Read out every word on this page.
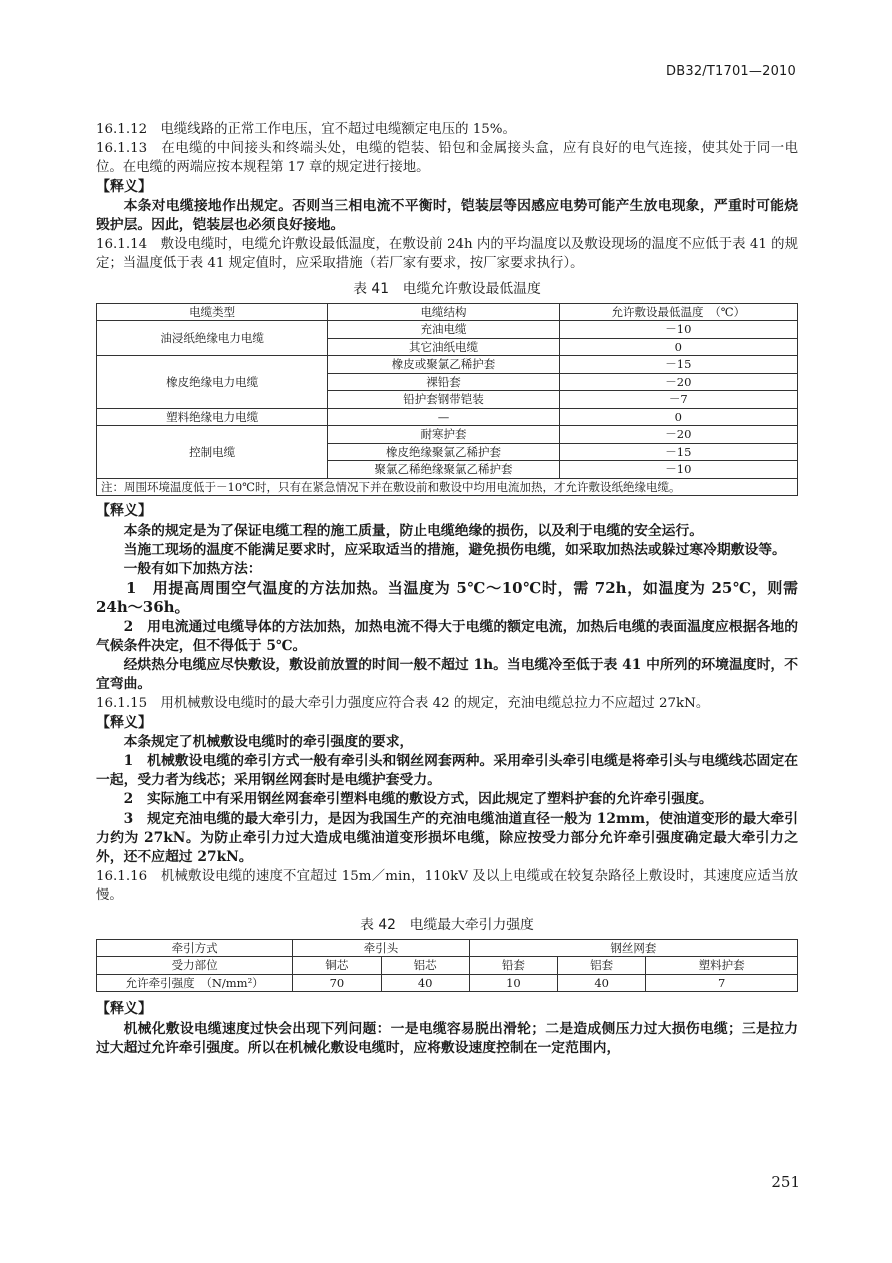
DB32/T1701—2010

16.1.12　电缆线路的正常工作电压，宜不超过电缆额定电压的 15%。

16.1.13　在电缆的中间接头和终端头处，电缆的铠装、铅包和金属接头盒，应有良好的电气连接，使其处于同一电位。在电缆的两端应按本规程第 17 章的规定进行接地。

【释义】

本条对电缆接地作出规定。否则当三相电流不平衡时，铠装层等因感应电势可能产生放电现象，严重时可能烧毁护层。因此，铠装层也必须良好接地。

16.1.14　敷设电缆时，电缆允许敷设最低温度，在敷设前 24h 内的平均温度以及敷设现场的温度不应低于表 41 的规定；当温度低于表 41 规定值时，应采取措施（若厂家有要求，按厂家要求执行）。

表 41　电缆允许敷设最低温度
电缆类型	电缆结构	允许敷设最低温度　（℃）
油浸纸绝缘电力电缆	充油电缆	－10
	其它油纸电缆	0
橡皮绝缘电力电缆	橡皮或聚氯乙稀护套	－15
	裸铅套	－20
	铅护套钢带铠装	－7
塑料绝缘电力电缆	—	0
控制电缆	耐寒护套	－20
	橡皮绝缘聚氯乙稀护套	－15
	聚氯乙稀绝缘聚氯乙稀护套	－10
注：周围环境温度低于－10℃时，只有在紧急情况下并在敷设前和敷设中均用电流加热，才允许敷设纸绝缘电缆。		

【释义】

本条的规定是为了保证电缆工程的施工质量，防止电缆绝缘的损伤，以及利于电缆的安全运行。

当施工现场的温度不能满足要求时，应采取适当的措施，避免损伤电缆，如采取加热法或躲过寒冷期敷设等。

一般有如下加热方法：

1　用提高周围空气温度的方法加热。当温度为 5℃～10℃时，需 72h，如温度为 25℃，则需 24h～36h。

2　用电流通过电缆导体的方法加热，加热电流不得大于电缆的额定电流，加热后电缆的表面温度应根据各地的气候条件决定，但不得低于 5℃。

经烘热分电缆应尽快敷设，敷设前放置的时间一般不超过 1h。当电缆冷至低于表 41 中所列的环境温度时，不宜弯曲。

16.1.15　用机械敷设电缆时的最大牵引力强度应符合表 42 的规定，充油电缆总拉力不应超过 27kN。

【释义】

本条规定了机械敷设电缆时的牵引强度的要求，

1　机械敷设电缆的牵引方式一般有牵引头和钢丝网套两种。采用牵引头牵引电缆是将牵引头与电缆线芯固定在一起，受力者为线芯；采用钢丝网套时是电缆护套受力。

2　实际施工中有采用钢丝网套牵引塑料电缆的敷设方式，因此规定了塑料护套的允许牵引强度。

3　规定充油电缆的最大牵引力，是因为我国生产的充油电缆油道直径一般为 12mm，使油道变形的最大牵引力约为 27kN。为防止牵引力过大造成电缆油道变形损坏电缆，除应按受力部分允许牵引强度确定最大牵引力之外，还不应超过 27kN。

16.1.16　机械敷设电缆的速度不宜超过 15m／min，110kV 及以上电缆或在较复杂路径上敷设时，其速度应适当放慢。

表 42　电缆最大牵引力强度
牵引方式	牵引头		钢丝网套		
受力部位	铜芯	铝芯	铅套	铝套	塑料护套
允许牵引强度　（N/mm²）	70	40	10	40	7

【释义】

机械化敷设电缆速度过快会出现下列问题：一是电缆容易脱出滑轮；二是造成侧压力过大损伤电缆；三是拉力过大超过允许牵引强度。所以在机械化敷设电缆时，应将敷设速度控制在一定范围内，

251
